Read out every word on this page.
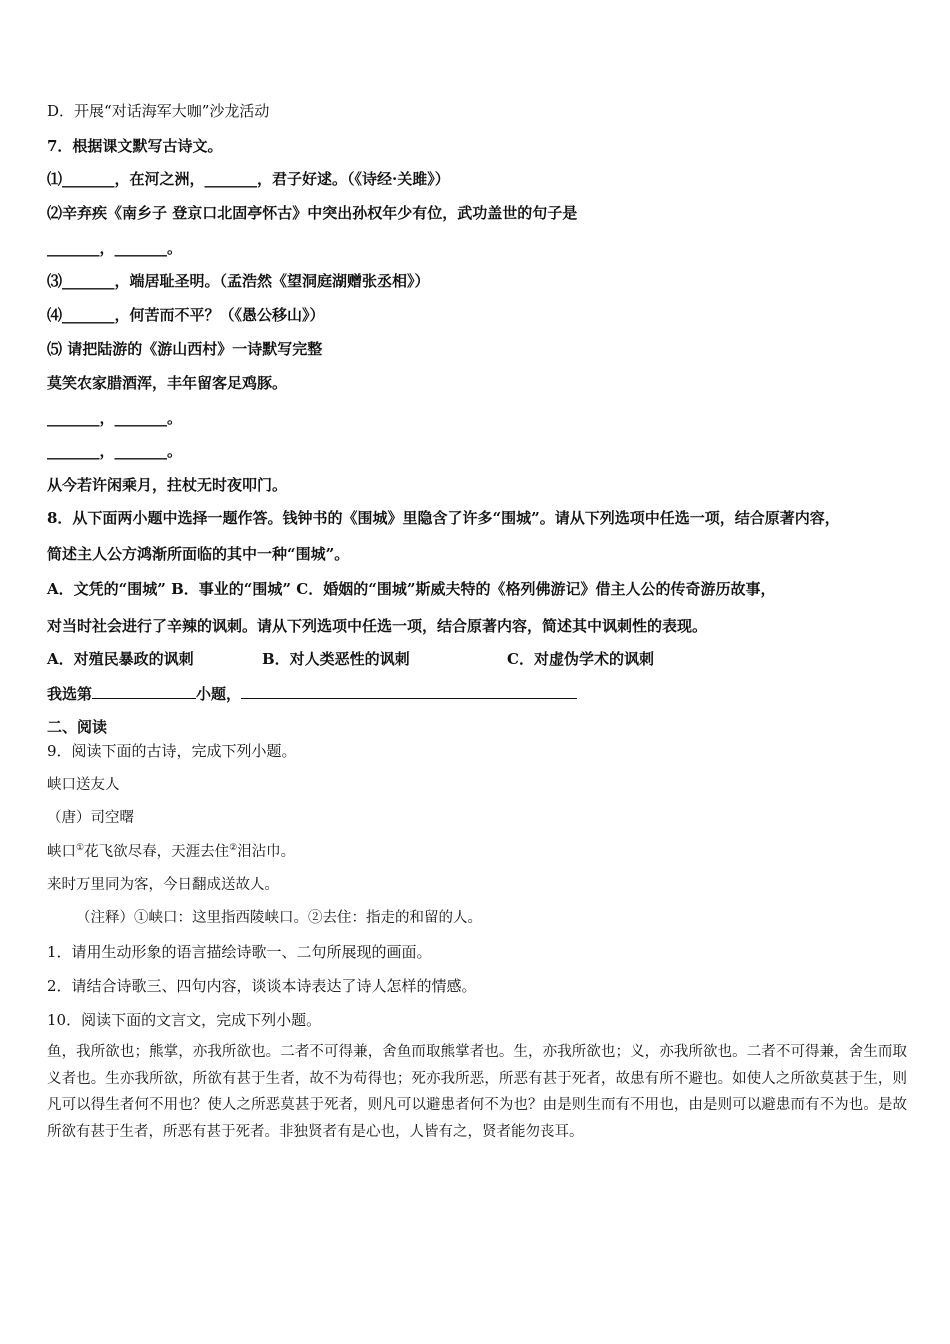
D．开展“对话海军大咖”沙龙活动
7．根据课文默写古诗文。
⑴_______，在河之洲，_______，君子好逑。（《诗经·关雎》）
⑵辛弃疾《南乡子 登京口北固亭怀古》中突出孙权年少有位，武功盖世的句子是
_______，_______。
⑶_______，端居耻圣明。（孟浩然《望洞庭湖赠张丞相》）
⑷_______，何苦而不平？（《愚公移山》）
⑸ 请把陆游的《游山西村》一诗默写完整
莫笑农家腊酒浑，丰年留客足鸡豚。
_______，_______。
_______，_______。
从今若许闲乘月，拄杖无时夜叩门。
8．从下面两小题中选择一题作答。钱钟书的《围城》里隐含了许多“围城”。请从下列选项中任选一项，结合原著内容，
简述主人公方鸿渐所面临的其中一种“围城”。
A．文凭的“围城” B．事业的“围城” C．婚姻的“围城”斯威夫特的《格列佛游记》借主人公的传奇游历故事，
对当时社会进行了辛辣的讽刺。请从下列选项中任选一项，结合原著内容，简述其中讽刺性的表现。
A．对殖民暴政的讽刺	B．对人类恶性的讽刺	C．对虚伪学术的讽刺
我选第	小题，
二、阅读
9．阅读下面的古诗，完成下列小题。
峡口送友人
（唐）司空曙
峡口①花飞欲尽春，天涯去住②泪沾巾。
来时万里同为客，今日翻成送故人。
（注释）①峡口：这里指西陵峡口。②去住：指走的和留的人。
1．请用生动形象的语言描绘诗歌一、二句所展现的画面。
2．请结合诗歌三、四句内容，谈谈本诗表达了诗人怎样的情感。
10．阅读下面的文言文，完成下列小题。
鱼，我所欲也；熊掌，亦我所欲也。二者不可得兼，舍鱼而取熊掌者也。生，亦我所欲也；义，亦我所欲也。二者不可得兼，舍生而取义者也。生亦我所欲，所欲有甚于生者，故不为苟得也；死亦我所恶，所恶有甚于死者，故患有所不避也。如使人之所欲莫甚于生，则凡可以得生者何不用也？使人之所恶莫甚于死者，则凡可以避患者何不为也？由是则生而有不用也，由是则可以避患而有不为也。是故所欲有甚于生者，所恶有甚于死者。非独贤者有是心也，人皆有之，贤者能勿丧耳。
